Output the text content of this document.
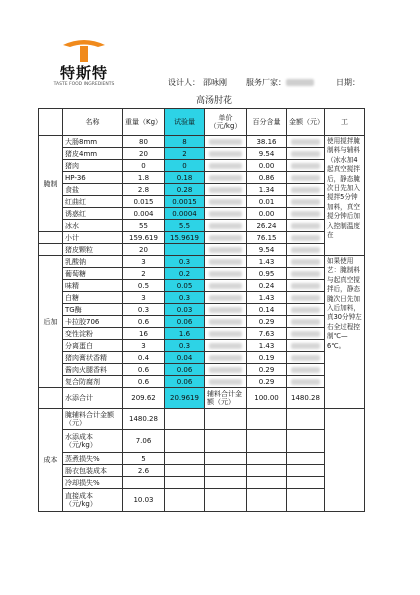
特斯特
TASTE FOOD INGREDIENTS	设计人： 邵咏刚 服务厂家：	日期：
高汤肘花
	名称	重量（Kg）	试验量	单价（元/kg）	百分含量	金额（元）	工
腌制	大肠8mm	80	8		38.16		使用搅拌腌制料与辅料（冰水加4起真空搅拌后，静态腌次日先加入搅拌5分钟加料，真空搅分钟后加入控制温度在
	猪皮4mm	20	2		9.54		

	猪肉	0	0		0.00		

	HP-36	1.8	0.18		0.86		

	食盐	2.8	0.28		1.34		

	红曲红	0.015	0.0015		0.01		

	诱惑红	0.004	0.0004		0.00		

	冰水	55	5.5		26.24		

	小计	159.619	15.9619		76.15		

	猪皮颗粒	20			9.54		

后加	乳酸钠	3	0.3		1.43		如果使用艺：腌制料与起真空搅拌后，静态腌次日先加入后加料，真30分钟左右全过程控制℃—6℃。
	葡萄糖	2	0.2		0.95		

	味精	0.5	0.05		0.24		

	白糖	3	0.3		1.43		

	TG酶	0.3	0.03		0.14		

	卡拉胶706	0.6	0.06		0.29		

	变性淀粉	16	1.6		7.63		

	分离蛋白	3	0.3		1.43		

	猪肉膏状香精	0.4	0.04		0.19		

	酱肉火腿香料	0.6	0.06		0.29		

	复合防腐剂	0.6	0.06		0.29		

	水添合计	209.62	20.9619	辅料合计金额（元）	100.00	1480.28	
成本	腌辅料合计金额（元）	1480.28					
	水添成本（元/kg）	7.06					
	蒸煮损失%	5					
	肠衣包装成本	2.6					
	冷却损失%						
	直接成本（元/kg）	10.03					
